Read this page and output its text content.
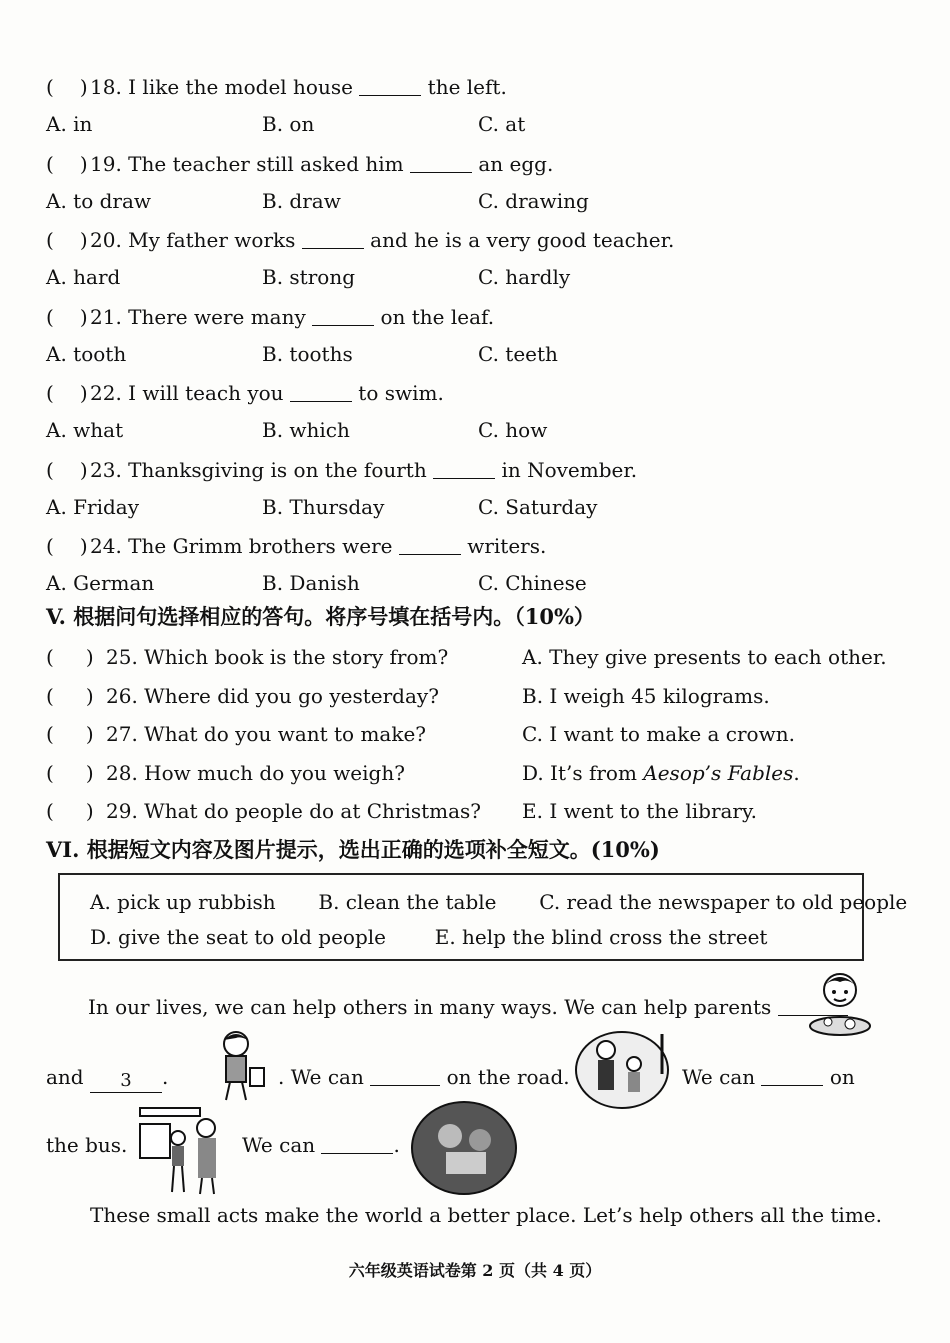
( ) 18. I like the model house	the left.
A. in	B. on	C. at
( ) 19. The teacher still asked him	an egg.
A. to draw	B. draw	C. drawing
( ) 20. My father works	and he is a very good teacher.
A. hard	B. strong	C. hardly
( ) 21. There were many	on the leaf.
A. tooth	B. tooths	C. teeth
( ) 22. I will teach you	to swim.
A. what	B. which	C. how
( ) 23. Thanksgiving is on the fourth	in November.
A. Friday	B. Thursday	C. Saturday
( ) 24. The Grimm brothers were	writers.
A. German	B. Danish	C. Chinese
V. 根据问句选择相应的答句。将序号填在括号内。（10%）
( ) 25. Which book is the story from?	A. They give presents to each other.
( ) 26. Where did you go yesterday?	B. I weigh 45 kilograms.
( ) 27. What do you want to make?	C. I want to make a crown.
( ) 28. How much do you weigh?	D. It’s from Aesop’s Fables.
( ) 29. What do people do at Christmas? E. I went to the library.
VI. 根据短文内容及图片提示，选出正确的选项补全短文。(10%)
A. pick up rubbish B. clean the table C. read the newspaper to old people
D. give the seat to old people E. help the blind cross the street
In our lives, we can help others in many ways. We can help parents
and 3 .	. We can	on the road.	We can	on
the bus.	We can	.
These small acts make the world a better place. Let’s help others all the time.
六年级英语试卷第 2 页（共 4 页）
